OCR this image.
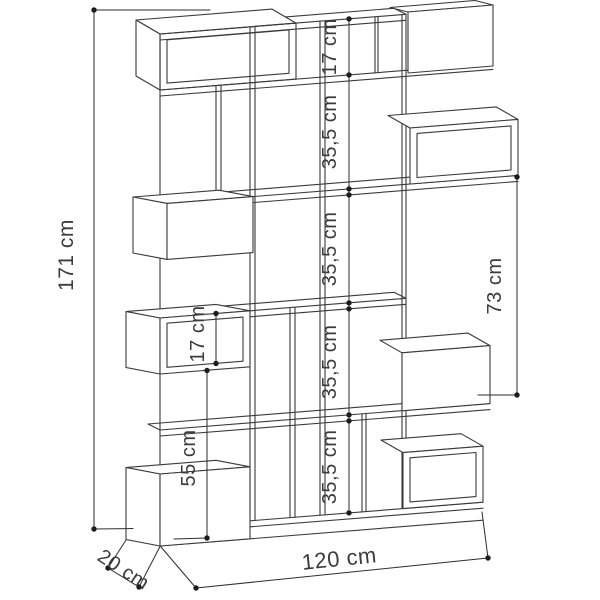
171 cm
17 cm
35,5 cm
35,5 cm
35,5 cm
35,5 cm
73 cm
17 cm
55 cm
120 cm
20 cm
